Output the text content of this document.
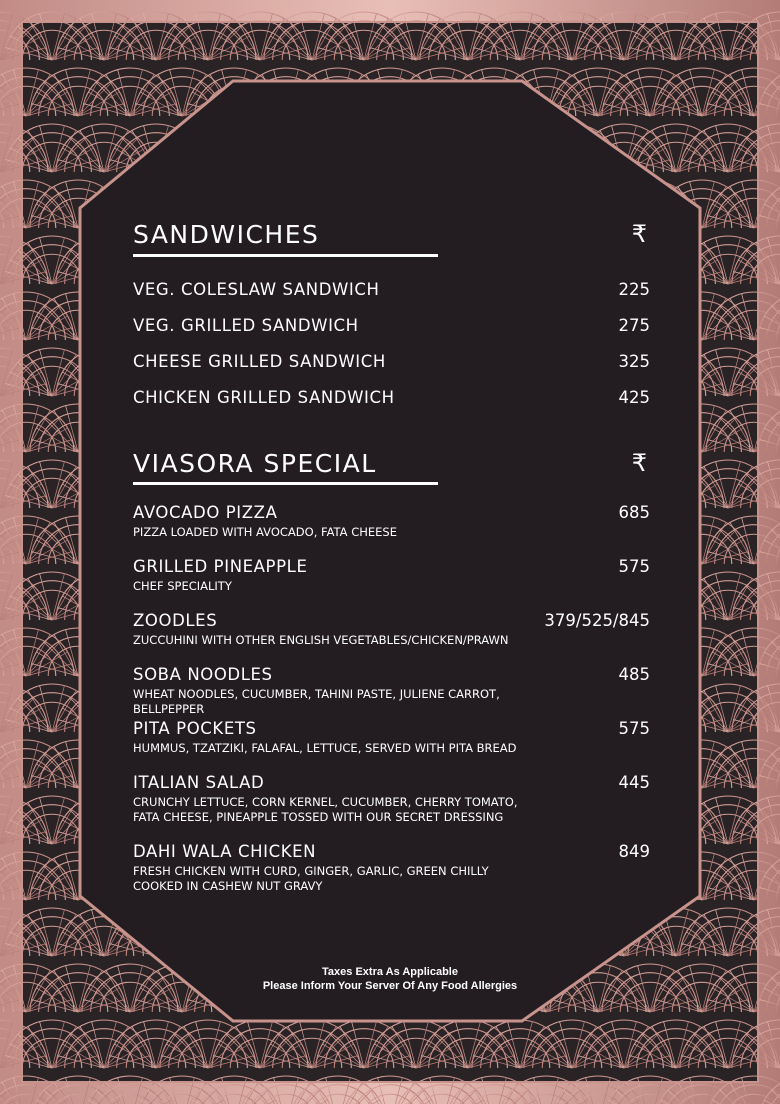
SANDWICHES	₹
VEG. COLESLAW SANDWICH	225
VEG. GRILLED SANDWICH	275
CHEESE GRILLED SANDWICH	325
CHICKEN GRILLED SANDWICH	425
VIASORA SPECIAL	₹
AVOCADO PIZZA	685
PIZZA LOADED WITH AVOCADO, FATA CHEESE
GRILLED PINEAPPLE	575
CHEF SPECIALITY
ZOODLES	379/525/845
ZUCCUHINI WITH OTHER ENGLISH VEGETABLES/CHICKEN/PRAWN
SOBA NOODLES	485
WHEAT NOODLES, CUCUMBER, TAHINI PASTE, JULIENE CARROT, BELLPEPPER
PITA POCKETS	575
HUMMUS, TZATZIKI, FALAFAL, LETTUCE, SERVED WITH PITA BREAD
ITALIAN SALAD	445
CRUNCHY LETTUCE, CORN KERNEL, CUCUMBER, CHERRY TOMATO,
FATA CHEESE, PINEAPPLE TOSSED WITH OUR SECRET DRESSING
DAHI WALA CHICKEN	849
FRESH CHICKEN WITH CURD, GINGER, GARLIC, GREEN CHILLY
COOKED IN CASHEW NUT GRAVY
Taxes Extra As Applicable
Please Inform Your Server Of Any Food Allergies
